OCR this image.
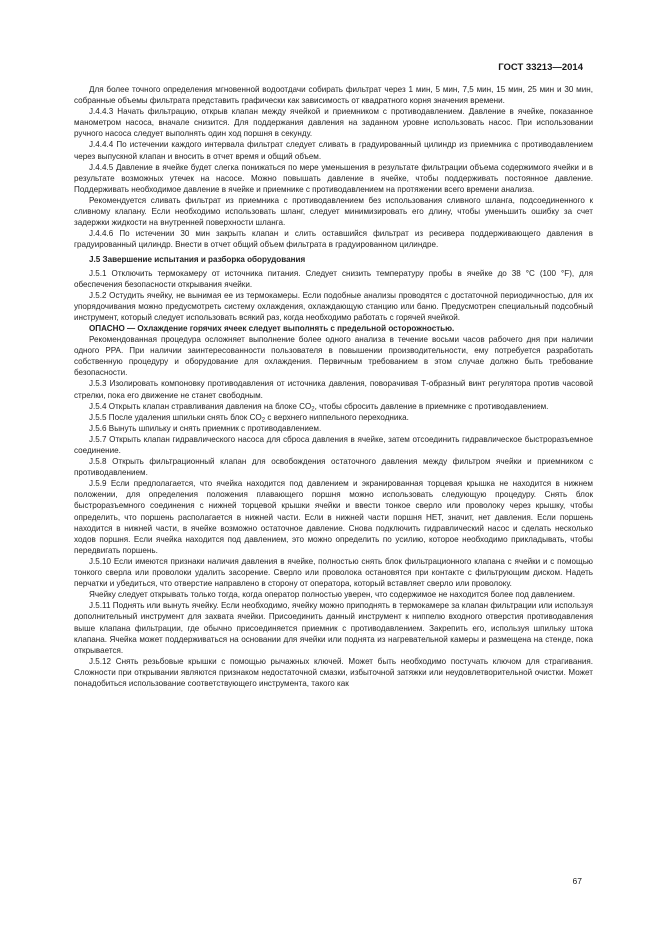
ГОСТ 33213—2014

Для более точного определения мгновенной водоотдачи собирать фильтрат через 1 мин, 5 мин, 7,5 мин, 15 мин, 25 мин и 30 мин, собранные объемы фильтрата представить графически как зависимость от квадратного корня значения времени.

J.4.4.3 Начать фильтрацию, открыв клапан между ячейкой и приемником с противодавлением. Давление в ячейке, показанное манометром насоса, вначале снизится. Для поддержания давления на заданном уровне использовать насос. При использовании ручного насоса следует выполнять один ход поршня в секунду.

J.4.4.4 По истечении каждого интервала фильтрат следует сливать в градуированный цилиндр из приемника с противодавлением через выпускной клапан и вносить в отчет время и общий объем.

J.4.4.5 Давление в ячейке будет слегка понижаться по мере уменьшения в результате фильтрации объема содержимого ячейки и в результате возможных утечек на насосе. Можно повышать давление в ячейке, чтобы поддерживать постоянное давление. Поддерживать необходимое давление в ячейке и приемнике с противодавлением на протяжении всего времени анализа.

Рекомендуется сливать фильтрат из приемника с противодавлением без использования сливного шланга, подсоединенного к сливному клапану. Если необходимо использовать шланг, следует минимизировать его длину, чтобы уменьшить ошибку за счет задержки жидкости на внутренней поверхности шланга.

J.4.4.6 По истечении 30 мин закрыть клапан и слить оставшийся фильтрат из ресивера поддерживающего давления в градуированный цилиндр. Внести в отчет общий объем фильтрата в градуированном цилиндре.

J.5 Завершение испытания и разборка оборудования

J.5.1 Отключить термокамеру от источника питания. Следует снизить температуру пробы в ячейке до 38 °С (100 °F), для обеспечения безопасности открывания ячейки.

J.5.2 Остудить ячейку, не вынимая ее из термокамеры. Если подобные анализы проводятся с достаточной периодичностью, для их упорядочивания можно предусмотреть систему охлаждения, охлаждающую станцию или баню. Предусмотрен специальный подсобный инструмент, который следует использовать всякий раз, когда необходимо работать с горячей ячейкой.

ОПАСНО — Охлаждение горячих ячеек следует выполнять с предельной осторожностью.

Рекомендованная процедура осложняет выполнение более одного анализа в течение восьми часов рабочего дня при наличии одного PPA. При наличии заинтересованности пользователя в повышении производительности, ему потребуется разработать собственную процедуру и оборудование для охлаждения. Первичным требованием в этом случае должно быть требование безопасности.

J.5.3 Изолировать компоновку противодавления от источника давления, поворачивая Т-образный винт регулятора против часовой стрелки, пока его движение не станет свободным.

J.5.4 Открыть клапан стравливания давления на блоке $CO_2$, чтобы сбросить давление в приемнике с противодавлением.

J.5.5 После удаления шпильки снять блок $CO_2$ с верхнего ниппельного переходника.

J.5.6 Вынуть шпильку и снять приемник с противодавлением.

J.5.7 Открыть клапан гидравлического насоса для сброса давления в ячейке, затем отсоединить гидравлическое быстроразъемное соединение.

J.5.8 Открыть фильтрационный клапан для освобождения остаточного давления между фильтром ячейки и приемником с противодавлением.

J.5.9 Если предполагается, что ячейка находится под давлением и экранированная торцевая крышка не находится в нижнем положении, для определения положения плавающего поршня можно использовать следующую процедуру. Снять блок быстроразъемного соединения с нижней торцевой крышки ячейки и ввести тонкое сверло или проволоку через крышку, чтобы определить, что поршень располагается в нижней части. Если в нижней части поршня НЕТ, значит, нет давления. Если поршень находится в нижней части, в ячейке возможно остаточное давление. Снова подключить гидравлический насос и сделать несколько ходов поршня. Если ячейка находится под давлением, это можно определить по усилию, которое необходимо прикладывать, чтобы передвигать поршень.

J.5.10 Если имеются признаки наличия давления в ячейке, полностью снять блок фильтрационного клапана с ячейки и с помощью тонкого сверла или проволоки удалить засорение. Сверло или проволока остановятся при контакте с фильтрующим диском. Надеть перчатки и убедиться, что отверстие направлено в сторону от оператора, который вставляет сверло или проволоку.

Ячейку следует открывать только тогда, когда оператор полностью уверен, что содержимое не находится более под давлением.

J.5.11 Поднять или вынуть ячейку. Если необходимо, ячейку можно приподнять в термокамере за клапан фильтрации или используя дополнительный инструмент для захвата ячейки. Присоединить данный инструмент к ниппелю входного отверстия противодавления выше клапана фильтрации, где обычно присоединяется приемник с противодавлением. Закрепить его, используя шпильку штока клапана. Ячейка может поддерживаться на основании для ячейки или поднята из нагревательной камеры и размещена на стенде, пока открывается.

J.5.12 Снять резьбовые крышки с помощью рычажных ключей. Может быть необходимо постучать ключом для страгивания. Сложности при открывании являются признаком недостаточной смазки, избыточной затяжки или неудовлетворительной очистки. Может понадобиться использование соответствующего инструмента, такого как

67
